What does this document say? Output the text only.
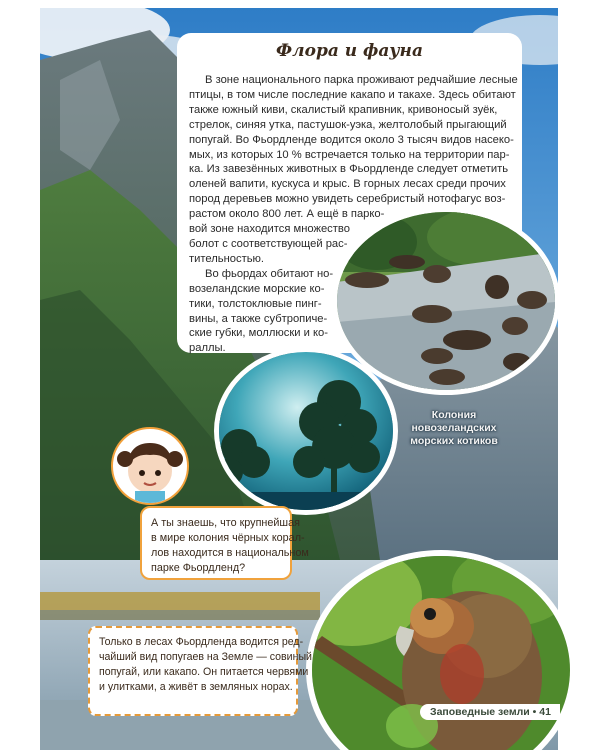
Флора и фауна
В зоне национального парка проживают редчайшие лесные
птицы, в том числе последние какапо и такахе. Здесь обитают
также южный киви, скалистый крапивник, кривоносый зуёк,
стрелок, синяя утка, пастушок-уэка, желтолобый прыгающий
попугай. Во Фьордленде водится около 3 тысяч видов насеко-
мых, из которых 10 % встречается только на территории пар-
ка. Из завезённых животных в Фьордленде следует отметить
оленей вапити, кускуса и крыс. В горных лесах среди прочих
пород деревьев можно увидеть серебристый нотофагус воз-
растом около 800 лет. А ещё в парко-
вой зоне находится множество
болот с соответствующей рас-
тительностью.
Во фьордах обитают но-
возеландские морские ко-
тики, толстоклювые пинг-
вины, а также субтропиче-
ские губки, моллюски и ко-
раллы.
Колония
новозеландских
морских котиков
А ты знаешь, что крупнейшая
в мире колония чёрных корал-
лов находится в национальном
парке Фьордленд?
Только в лесах Фьордленда водится ред-
чайший вид попугаев на Земле — совиный
попугай, или какапо. Он питается червями
и улитками, а живёт в земляных норах.
Заповедные земли • 41
